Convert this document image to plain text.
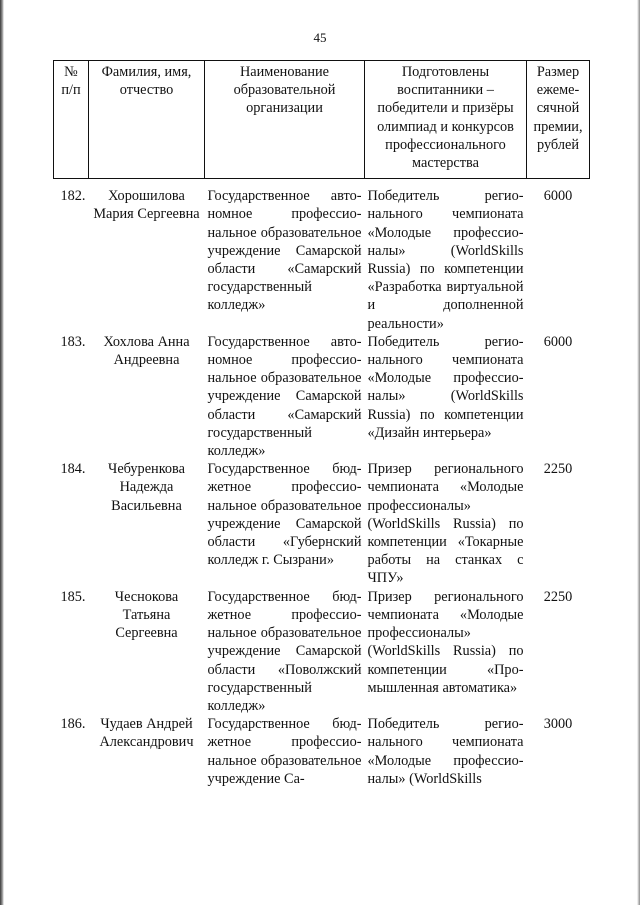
45
№ п/п	Фамилия, имя, отчество	Наименование образовательной организации	Подготовлены воспитанники – победители и призёры олимпиад и конкурсов профессионального мастерства	Размер ежеме-сячной премии, рублей

182.	Хорошилова Мария Сергеевна	Государственное автономное профессиональное образовательное учреждение Самарской области «Самарский государственный колледж»	Победитель регионального чемпионата «Молодые профессионалы» (WorldSkills Russia) по компетенции «Разработка виртуальной и дополненной реальности»	6000
183.	Хохлова Анна Андреевна	Государственное автономное профессиональное образовательное учреждение Самарской области «Самарский государственный колледж»	Победитель регионального чемпионата «Молодые профессионалы» (WorldSkills Russia) по компетенции «Дизайн интерьера»	6000
184.	Чебуренкова Надежда Васильевна	Государственное бюджетное профессиональное образовательное учреждение Самарской области «Губернский колледж г. Сызрани»	Призер регионального чемпионата «Молодые профессионалы» (WorldSkills Russia) по компетенции «Токарные работы на станках с ЧПУ»	2250
185.	Чеснокова Татьяна Сергеевна	Государственное бюджетное профессиональное образовательное учреждение Самарской области «Поволжский государственный колледж»	Призер регионального чемпионата «Молодые профессионалы» (WorldSkills Russia) по компетенции «Промышленная автоматика»	2250
186.	Чудаев Андрей Александрович	Государственное бюджетное профессиональное образовательное учреждение Са-	Победитель регионального чемпионата «Молодые профессионалы» (WorldSkills	3000
